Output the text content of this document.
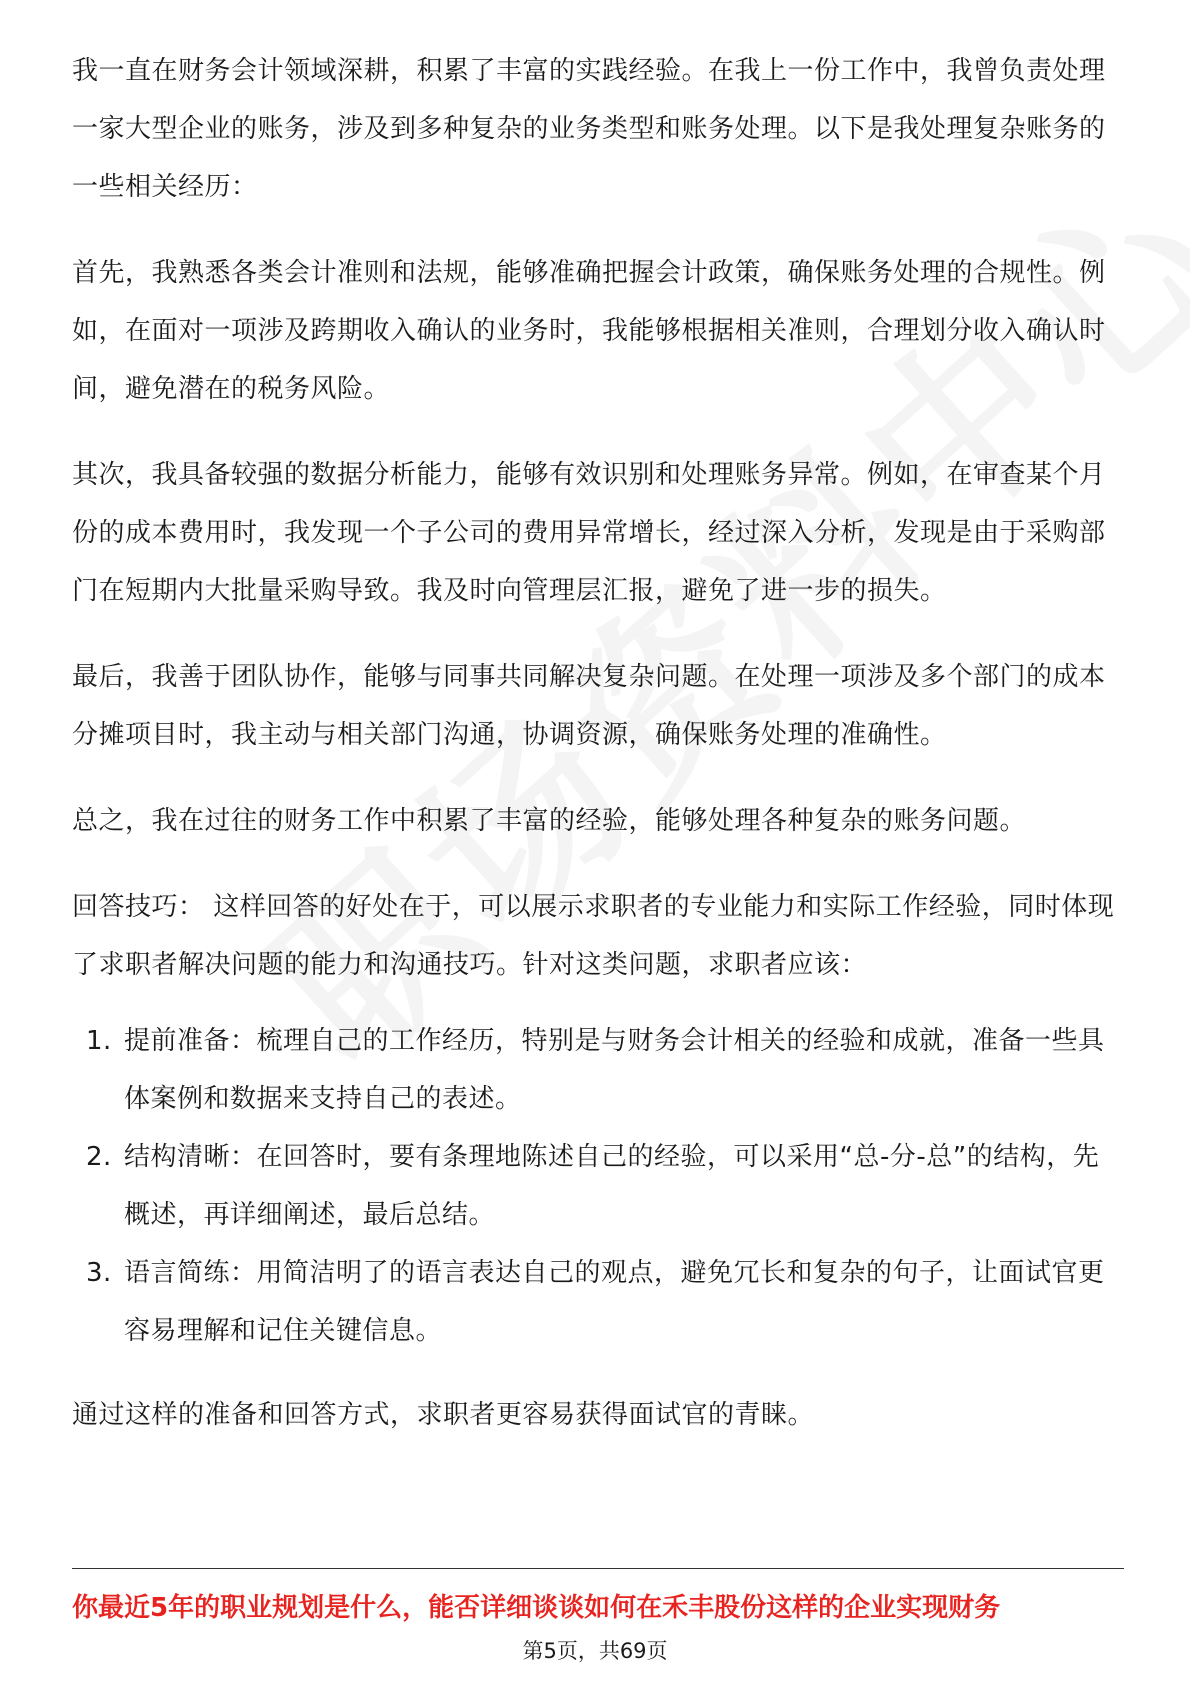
我一直在财务会计领域深耕，积累了丰富的实践经验。在我上一份工作中，我曾负责处理一家大型企业的账务，涉及到多种复杂的业务类型和账务处理。以下是我处理复杂账务的一些相关经历：

首先，我熟悉各类会计准则和法规，能够准确把握会计政策，确保账务处理的合规性。例如，在面对一项涉及跨期收入确认的业务时，我能够根据相关准则，合理划分收入确认时间，避免潜在的税务风险。

其次，我具备较强的数据分析能力，能够有效识别和处理账务异常。例如，在审查某个月份的成本费用时，我发现一个子公司的费用异常增长，经过深入分析，发现是由于采购部门在短期内大批量采购导致。我及时向管理层汇报，避免了进一步的损失。

最后，我善于团队协作，能够与同事共同解决复杂问题。在处理一项涉及多个部门的成本分摊项目时，我主动与相关部门沟通，协调资源，确保账务处理的准确性。

总之，我在过往的财务工作中积累了丰富的经验，能够处理各种复杂的账务问题。

回答技巧： 这样回答的好处在于，可以展示求职者的专业能力和实际工作经验，同时体现了求职者解决问题的能力和沟通技巧。针对这类问题，求职者应该：

1. 提前准备：梳理自己的工作经历，特别是与财务会计相关的经验和成就，准备一些具体案例和数据来支持自己的表述。
2. 结构清晰：在回答时，要有条理地陈述自己的经验，可以采用“总-分-总”的结构，先概述，再详细阐述，最后总结。
3. 语言简练：用简洁明了的语言表达自己的观点，避免冗长和复杂的句子，让面试官更容易理解和记住关键信息。

通过这样的准备和回答方式，求职者更容易获得面试官的青睐。

你最近5年的职业规划是什么，能否详细谈谈如何在禾丰股份这样的企业实现财务
第5页，共69页
